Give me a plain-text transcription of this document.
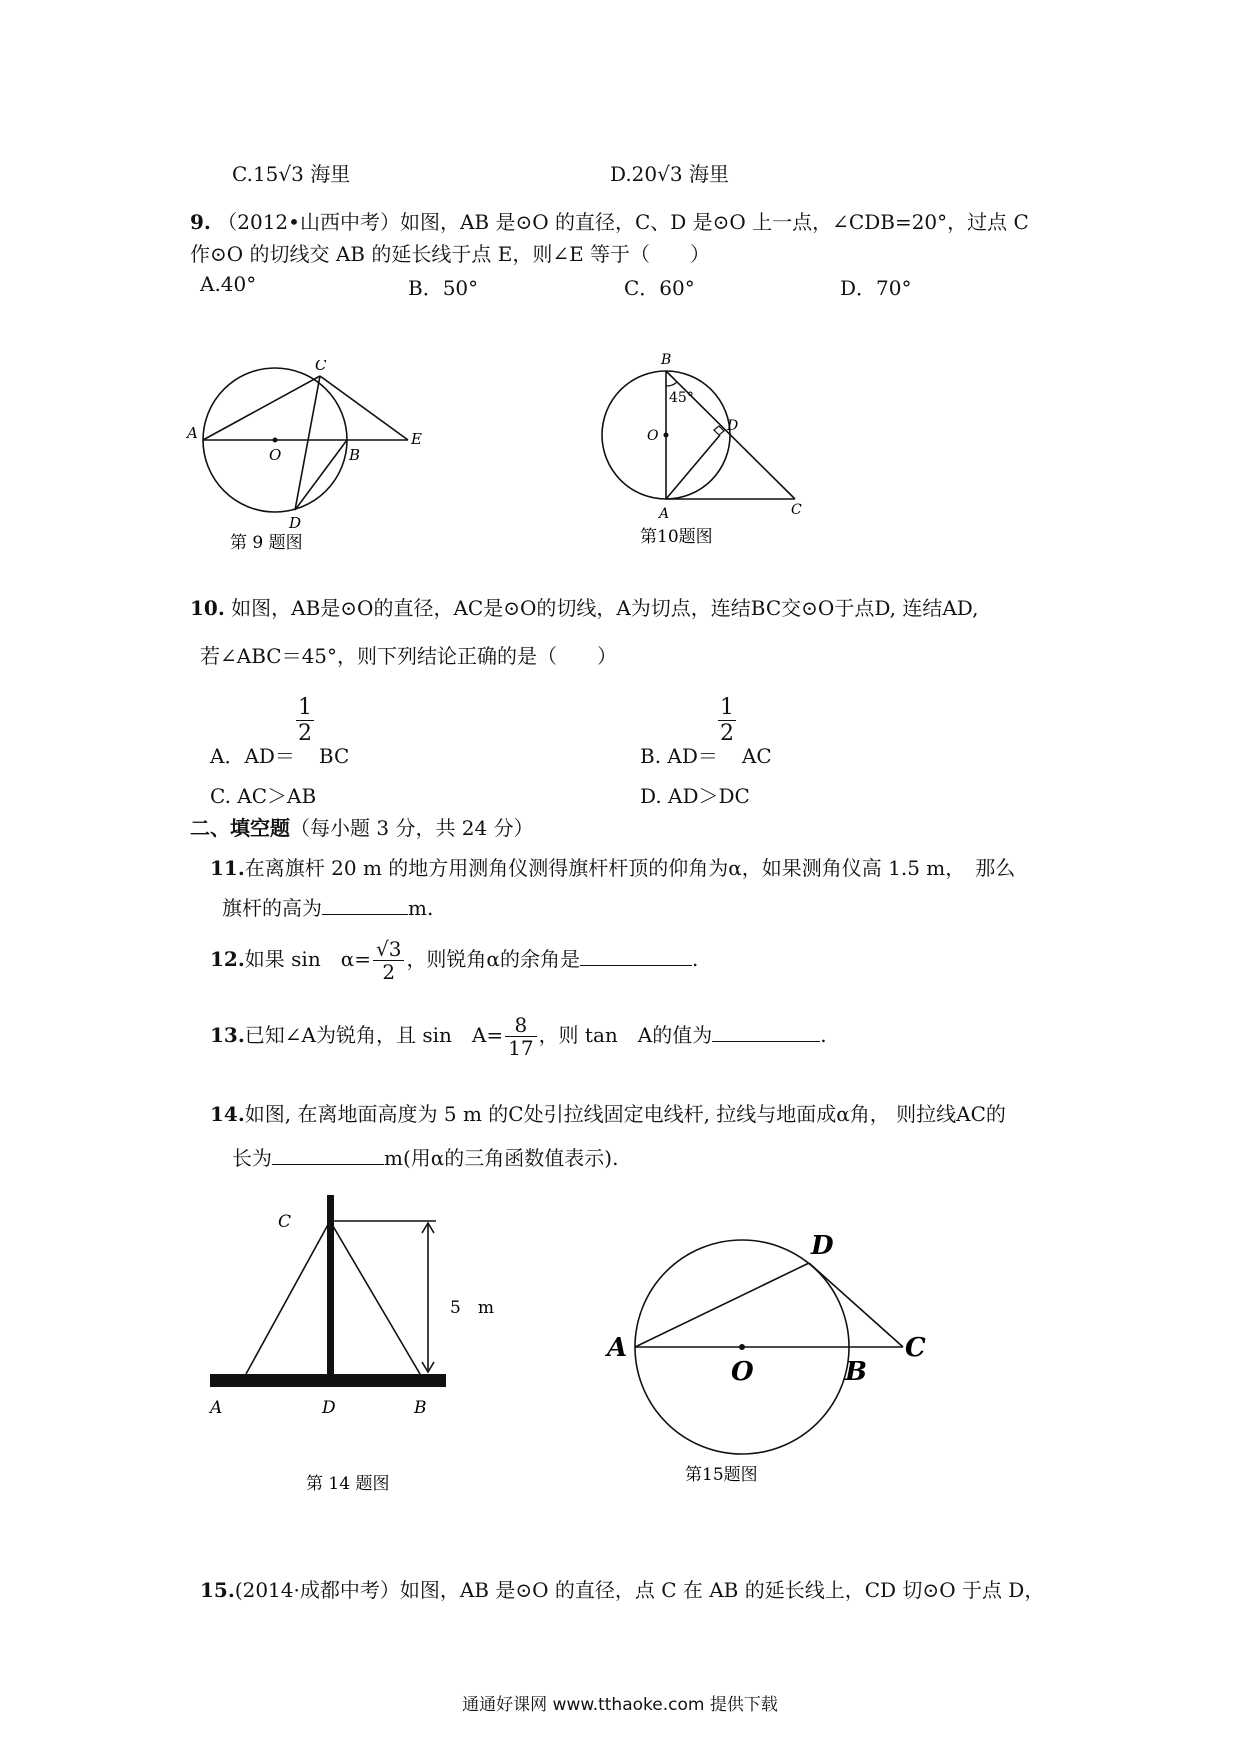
C.15√3 海里	D.20√3 海里
9. （2012•山西中考）如图，AB 是⊙O 的直径，C、D 是⊙O 上一点，∠CDB=20°，过点 C
作⊙O 的切线交 AB 的延长线于点 E，则∠E 等于（　　）
A.40°	B．50°	C．60°	D．70°
A
O	B
C
D
E
第 9 题图
B
45°
O
D
A	C
第10题图
10. 如图，AB是⊙O的直径，AC是⊙O的切线，A为切点，连结BC交⊙O于点D, 连结AD,
若∠ABC＝45°，则下列结论正确的是（　　）
A．AD＝ BC
$\frac{1}{2}$
B. AD＝ AC
$\frac{1}{2}$
C. AC＞AB	D. AD＞DC
二、填空题（每小题 3 分，共 24 分）
11.在离旗杆 20 m 的地方用测角仪测得旗杆杆顶的仰角为α，如果测角仪高 1.5 m，　那么
旗杆的高为	m.
12.如果 sin　$\alpha= \frac{√3}{2}$ ，则锐角α的余角是	.
13.已知∠A为锐角，且 sin　$A= \frac{8}{17}$ ，则 tan　A的值为	.
14.如图, 在离地面高度为 5 m 的C处引拉线固定电线杆, 拉线与地面成α角， 则拉线AC的
长为	m(用α的三角函数值表示).
C
5　m
A	D	B
第 14 题图
A
O	B
C
D
第15题图
15.(2014·成都中考）如图，AB 是⊙O 的直径，点 C 在 AB 的延长线上，CD 切⊙O 于点 D，
通通好课网 www.tthaoke.com 提供下载
